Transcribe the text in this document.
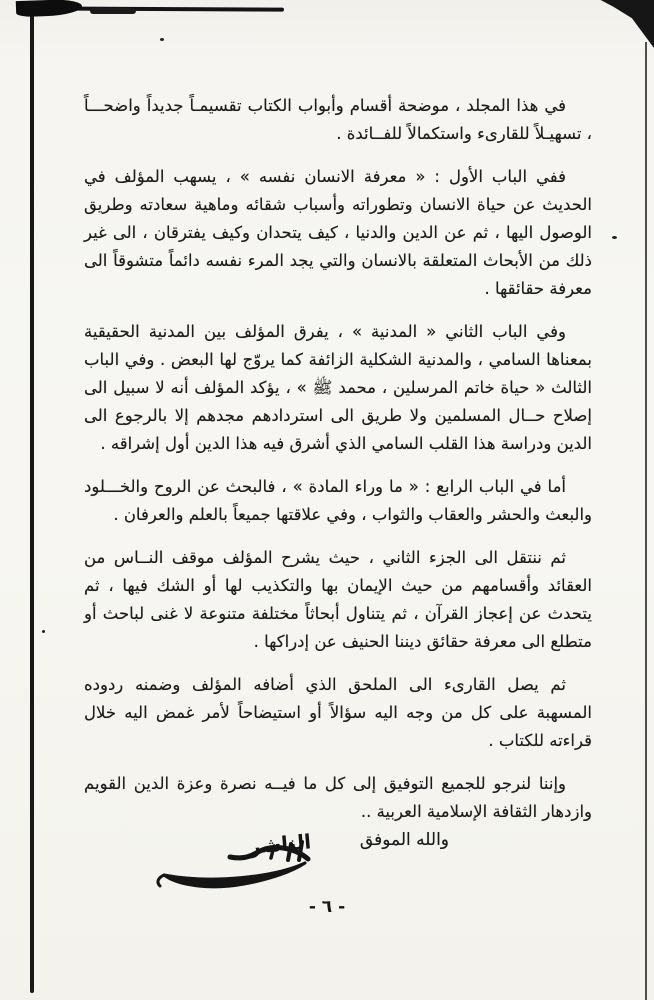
في هذا المجلد ، موضحة أقسام وأبواب الكتاب تقسيمـاً جديداً واضحـــاً ، تسهيـلاً للقارىء واستكمالاً للفــائدة .

ففي الباب الأول : « معرفة الانسان نفسه » ، يسهب المؤلف في الحديث عن حياة الانسان وتطوراته وأسباب شقائه وماهية سعادته وطريق الوصول اليها ، ثم عن الدين والدنيا ، كيف يتحدان وكيف يفترقان ، الى غير ذلك من الأبحاث المتعلقة بالانسان والتي يجد المرء نفسه دائماً متشوقاً الى معرفة حقائقها .

وفي الباب الثاني « المدنية » ، يفرق المؤلف بين المدنية الحقيقية بمعناها السامي ، والمدنية الشكلية الزائفة كما يروّج لها البعض . وفي الباب الثالث « حياة خاتم المرسلين ، محمد ﷺ » ، يؤكد المؤلف أنه لا سبيل الى إصلاح حــال المسلمين ولا طريق الى استردادهم مجدهم إلا بالرجوع الى الدين ودراسة هذا القلب السامي الذي أشرق فيه هذا الدين أول إشراقه .

أما في الباب الرابع : « ما وراء المادة » ، فالبحث عن الروح والخـــلود والبعث والحشر والعقاب والثواب ، وفي علاقتها جميعاً بالعلم والعرفان .

ثم ننتقل الى الجزء الثاني ، حيث يشرح المؤلف موقف النــاس من العقائد وأقسامهم من حيث الإيمان بها والتكذيب لها أو الشك فيها ، ثم يتحدث عن إعجاز القرآن ، ثم يتناول أبحاثاً مختلفة متنوعة لا غنى لباحث أو متطلع الى معرفة حقائق ديننا الحنيف عن إدراكها .

ثم يصل القارىء الى الملحق الذي أضافه المؤلف وضمنه ردوده المسهبة على كل من وجه اليه سؤالاً أو استيضاحاً لأمر غمض اليه خلال قراءته للكتاب .

وإننا لنرجو للجميع التوفيق إلى كل ما فيــه نصرة وعزة الدين القويم وازدهار الثقافة الإسلامية العربية ..

والله الموفق
الناشر
- ٦ -
